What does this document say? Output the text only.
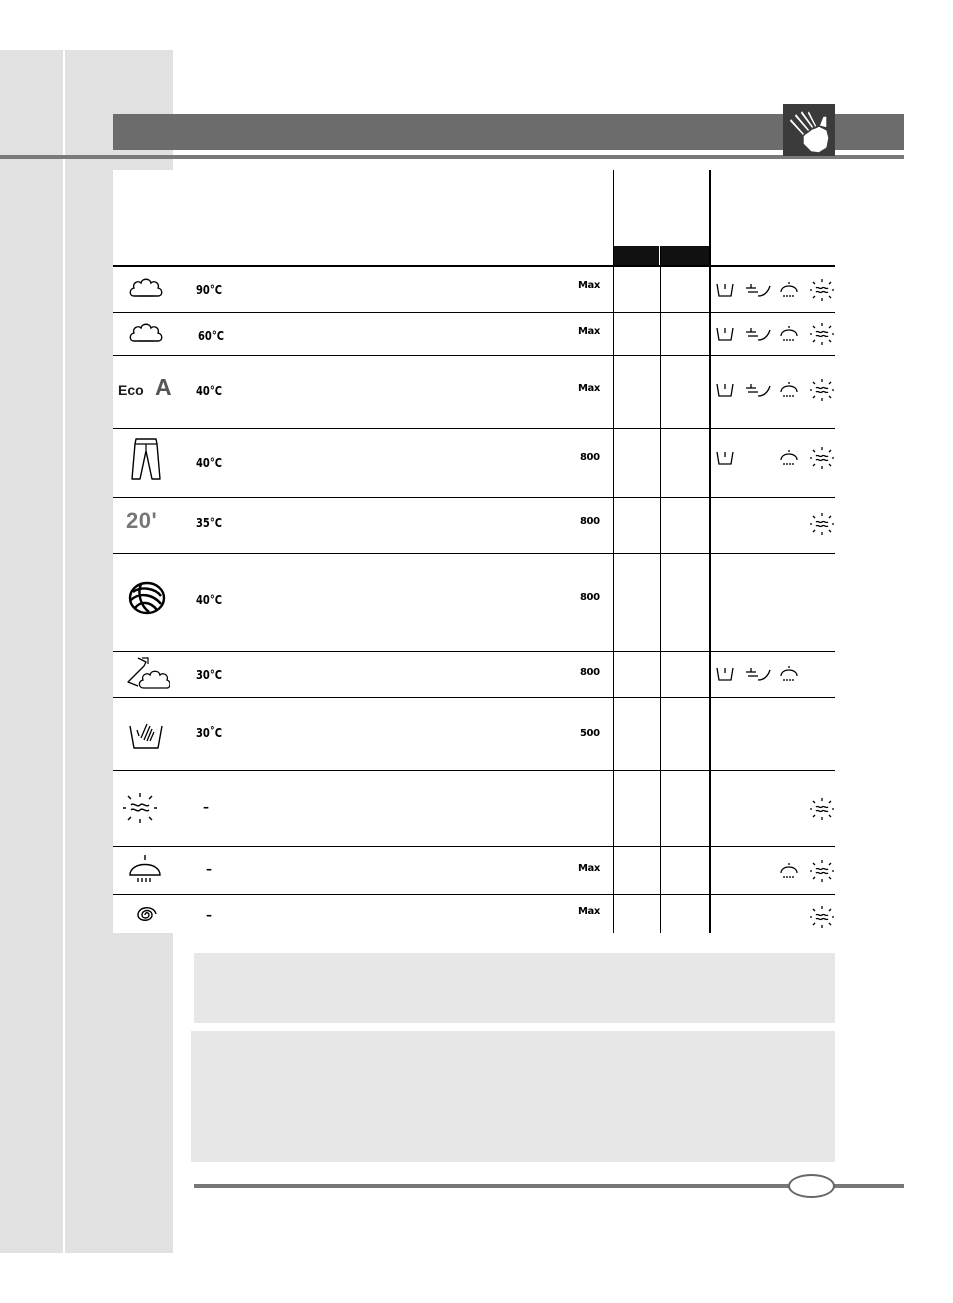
90°C	Max
60°C	Max
Eco A 40°C	Max
40°C	800
20'	35°C	800
40°C	800
30°C	800
30˚C	500
–
–	Max
–	Max
